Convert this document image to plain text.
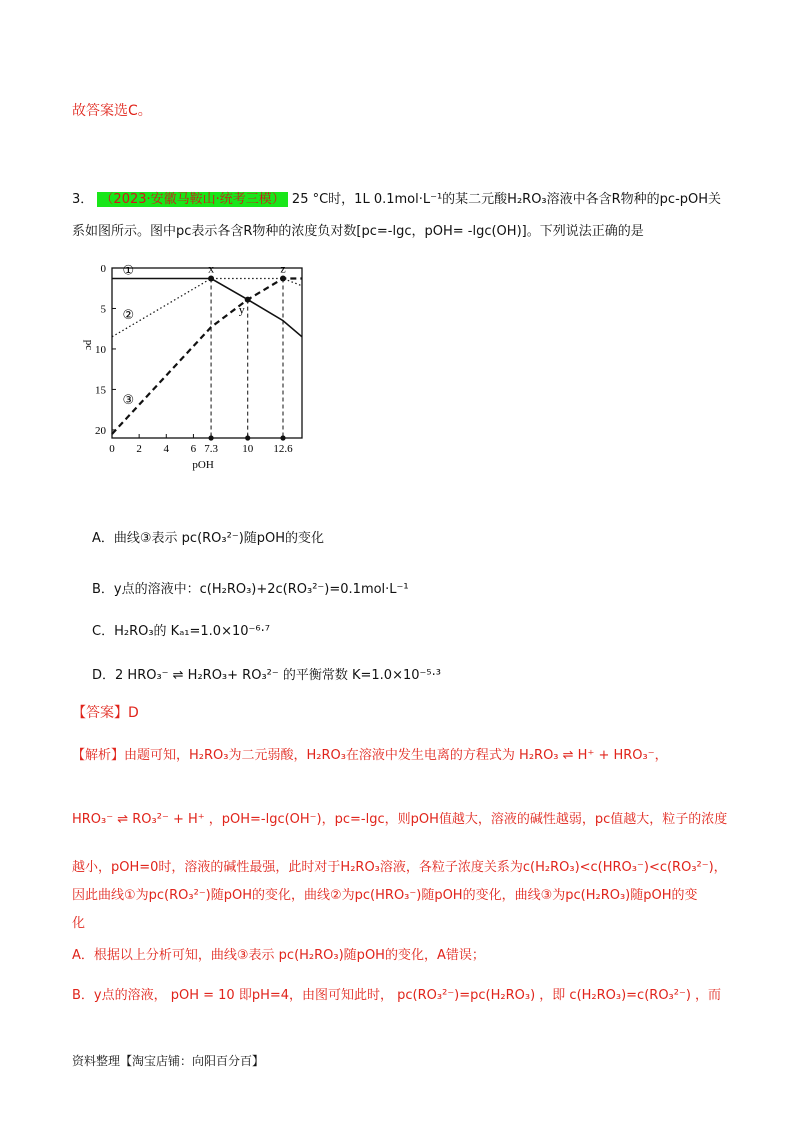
故答案选C。
3． （2023·安徽马鞍山·统考三模） 25 °C时，1L 0.1mol·L⁻¹的某二元酸H₂RO₃溶液中各含R物种的pc-pOH关
系如图所示。图中pc表示各含R物种的浓度负对数[pc=-lgc，pOH= -lgc(OH)]。下列说法正确的是
0 2 4 6 7.3 10 12.6
0
5
10
15
20
pOH
pc
①
②
③
x
y
z
A．曲线③表示 pc(RO₃²⁻)随pOH的变化
B．y点的溶液中：c(H₂RO₃)+2c(RO₃²⁻)=0.1mol·L⁻¹
C．H₂RO₃的 Kₐ₁=1.0×10⁻⁶·⁷
D．2 HRO₃⁻ ⇌ H₂RO₃+ RO₃²⁻ 的平衡常数 K=1.0×10⁻⁵·³
【答案】D
【解析】由题可知，H₂RO₃为二元弱酸，H₂RO₃在溶液中发生电离的方程式为 H₂RO₃ ⇌ H⁺ + HRO₃⁻，
HRO₃⁻ ⇌ RO₃²⁻ + H⁺ ，pOH=-lgc(OH⁻)，pc=-lgc，则pOH值越大，溶液的碱性越弱，pc值越大，粒子的浓度
越小，pOH=0时，溶液的碱性最强，此时对于H₂RO₃溶液，各粒子浓度关系为c(H₂RO₃)<c(HRO₃⁻)<c(RO₃²⁻)，
因此曲线①为pc(RO₃²⁻)随pOH的变化，曲线②为pc(HRO₃⁻)随pOH的变化，曲线③为pc(H₂RO₃)随pOH的变
化
A．根据以上分析可知，曲线③表示 pc(H₂RO₃)随pOH的变化，A错误；
B．y点的溶液， pOH = 10 即pH=4，由图可知此时， pc(RO₃²⁻)=pc(H₂RO₃) ，即 c(H₂RO₃)=c(RO₃²⁻) ，而
资料整理【淘宝店铺：向阳百分百】
